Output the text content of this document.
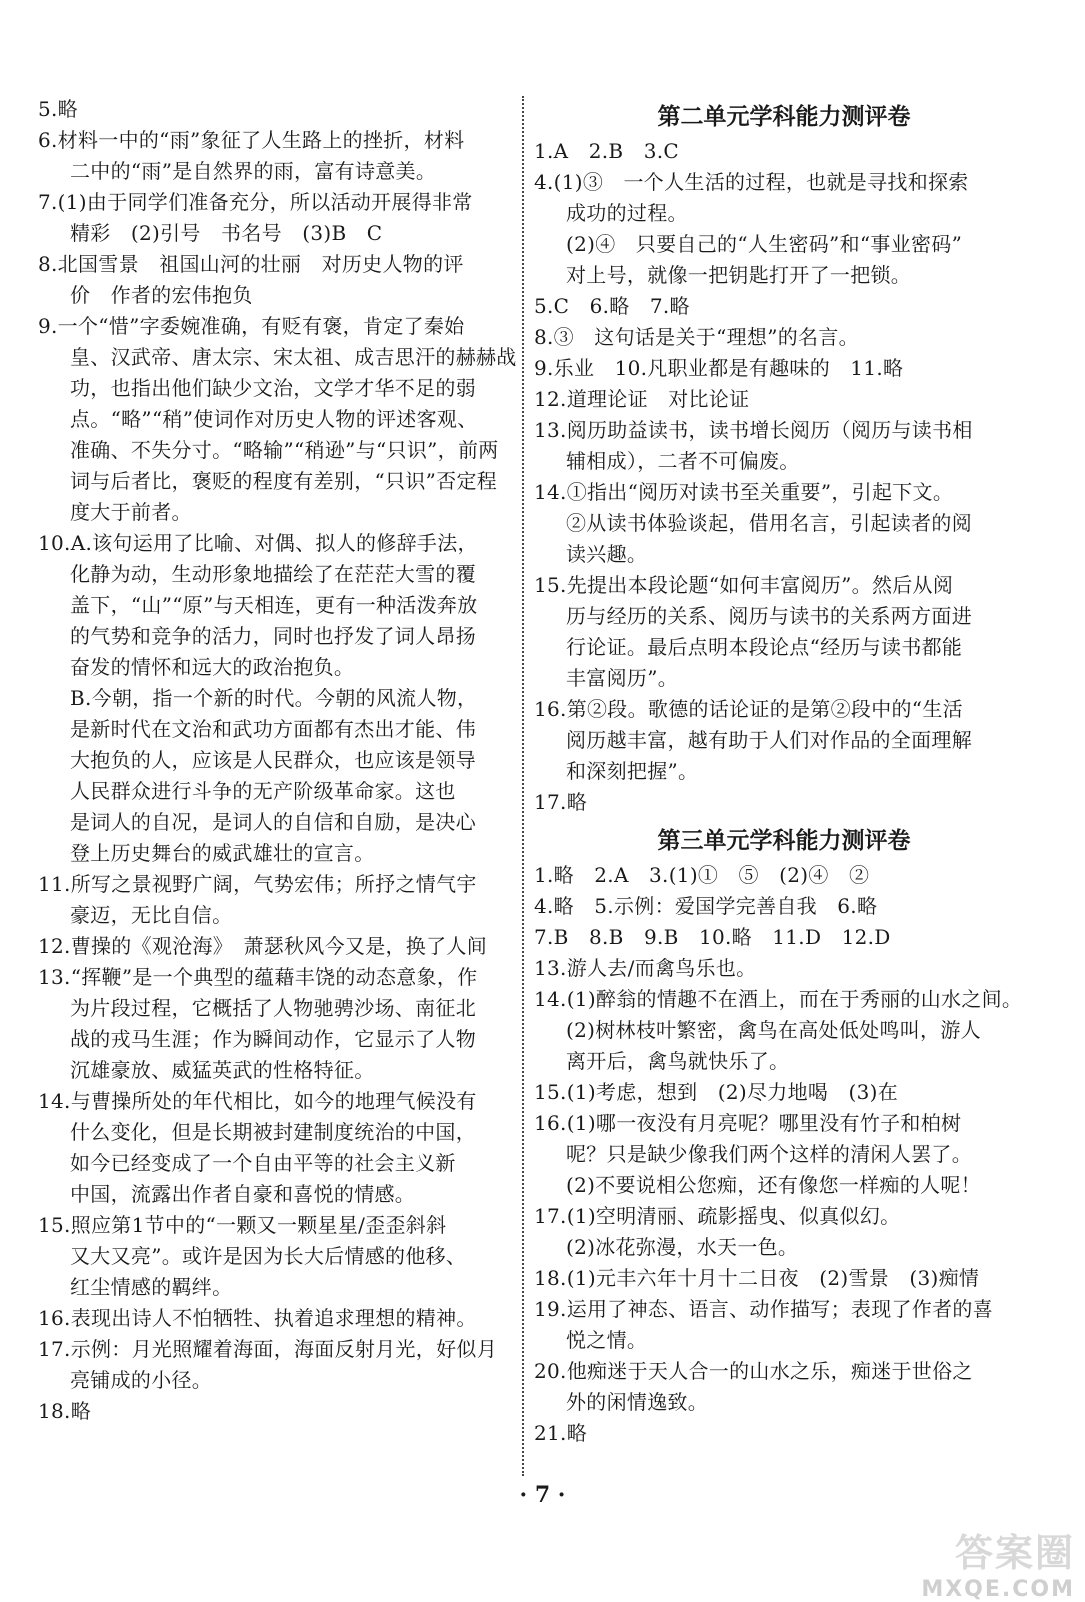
5.略
6.材料一中的“雨”象征了人生路上的挫折，材料
二中的“雨”是自然界的雨，富有诗意美。
7.(1)由于同学们准备充分，所以活动开展得非常
精彩　(2)引号　书名号　(3)B　C
8.北国雪景　祖国山河的壮丽　对历史人物的评
价　作者的宏伟抱负
9.一个“惜”字委婉准确，有贬有褒，肯定了秦始
皇、汉武帝、唐太宗、宋太祖、成吉思汗的赫赫战
功，也指出他们缺少文治，文学才华不足的弱
点。“略”“稍”使词作对历史人物的评述客观、
准确、不失分寸。“略输”“稍逊”与“只识”，前两
词与后者比，褒贬的程度有差别，“只识”否定程
度大于前者。
10.A.该句运用了比喻、对偶、拟人的修辞手法，
化静为动，生动形象地描绘了在茫茫大雪的覆
盖下，“山”“原”与天相连，更有一种活泼奔放
的气势和竞争的活力，同时也抒发了词人昂扬
奋发的情怀和远大的政治抱负。
B.今朝，指一个新的时代。今朝的风流人物，
是新时代在文治和武功方面都有杰出才能、伟
大抱负的人，应该是人民群众，也应该是领导
人民群众进行斗争的无产阶级革命家。这也
是词人的自况，是词人的自信和自励，是决心
登上历史舞台的威武雄壮的宣言。
11.所写之景视野广阔，气势宏伟；所抒之情气宇
豪迈，无比自信。
12.曹操的《观沧海》　萧瑟秋风今又是，换了人间
13.“挥鞭”是一个典型的蕴藉丰饶的动态意象，作
为片段过程，它概括了人物驰骋沙场、南征北
战的戎马生涯；作为瞬间动作，它显示了人物
沉雄豪放、威猛英武的性格特征。
14.与曹操所处的年代相比，如今的地理气候没有
什么变化，但是长期被封建制度统治的中国，
如今已经变成了一个自由平等的社会主义新
中国，流露出作者自豪和喜悦的情感。
15.照应第1节中的“一颗又一颗星星/歪歪斜斜
又大又亮”。或许是因为长大后情感的他移、
红尘情感的羁绊。
16.表现出诗人不怕牺牲、执着追求理想的精神。
17.示例：月光照耀着海面，海面反射月光，好似月
亮铺成的小径。
18.略
第二单元学科能力测评卷
1.A　2.B　3.C
4.(1)③　一个人生活的过程，也就是寻找和探索
成功的过程。
(2)④　只要自己的“人生密码”和“事业密码”
对上号，就像一把钥匙打开了一把锁。
5.C　6.略　7.略
8.③　这句话是关于“理想”的名言。
9.乐业　10.凡职业都是有趣味的　11.略
12.道理论证　对比论证
13.阅历助益读书，读书增长阅历（阅历与读书相
辅相成），二者不可偏废。
14.①指出“阅历对读书至关重要”，引起下文。
②从读书体验谈起，借用名言，引起读者的阅
读兴趣。
15.先提出本段论题“如何丰富阅历”。然后从阅
历与经历的关系、阅历与读书的关系两方面进
行论证。最后点明本段论点“经历与读书都能
丰富阅历”。
16.第②段。歌德的话论证的是第②段中的“生活
阅历越丰富，越有助于人们对作品的全面理解
和深刻把握”。
17.略
第三单元学科能力测评卷
1.略　2.A　3.(1)①　⑤　(2)④　②
4.略　5.示例：爱国学完善自我　6.略
7.B　8.B　9.B　10.略　11.D　12.D
13.游人去/而禽鸟乐也。
14.(1)醉翁的情趣不在酒上，而在于秀丽的山水之间。
(2)树林枝叶繁密，禽鸟在高处低处鸣叫，游人
离开后，禽鸟就快乐了。
15.(1)考虑，想到　(2)尽力地喝　(3)在
16.(1)哪一夜没有月亮呢？哪里没有竹子和柏树
呢？只是缺少像我们两个这样的清闲人罢了。
(2)不要说相公您痴，还有像您一样痴的人呢！
17.(1)空明清丽、疏影摇曳、似真似幻。
(2)冰花弥漫，水天一色。
18.(1)元丰六年十月十二日夜　(2)雪景　(3)痴情
19.运用了神态、语言、动作描写；表现了作者的喜
悦之情。
20.他痴迷于天人合一的山水之乐，痴迷于世俗之
外的闲情逸致。
21.略
· 7 ·
答案圈
MXQE.COM
